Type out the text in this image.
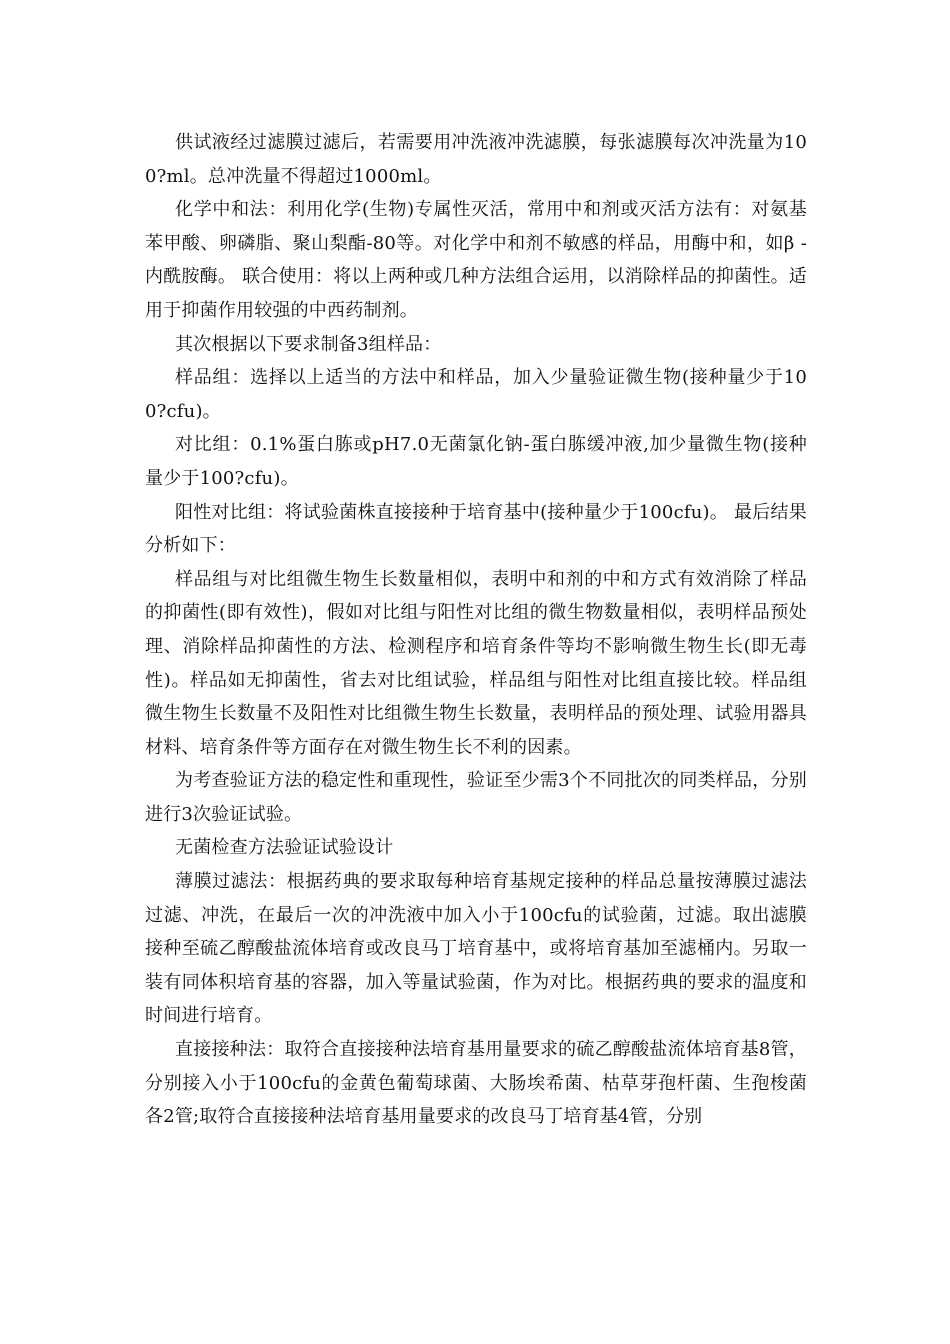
供试液经过滤膜过滤后，若需要用冲洗液冲洗滤膜，每张滤膜每次冲洗量为100?ml。总冲洗量不得超过1000ml。

化学中和法：利用化学(生物)专属性灭活，常用中和剂或灭活方法有：对氨基苯甲酸、卵磷脂、聚山梨酯-80等。对化学中和剂不敏感的样品，用酶中和，如β -内酰胺酶。 联合使用：将以上两种或几种方法组合运用，以消除样品的抑菌性。适用于抑菌作用较强的中西药制剂。

其次根据以下要求制备3组样品：

样品组：选择以上适当的方法中和样品，加入少量验证微生物(接种量少于100?cfu)。

对比组：0.1%蛋白胨或pH7.0无菌氯化钠-蛋白胨缓冲液,加少量微生物(接种量少于100?cfu)。

阳性对比组：将试验菌株直接接种于培育基中(接种量少于100cfu)。 最后结果分析如下：

样品组与对比组微生物生长数量相似，表明中和剂的中和方式有效消除了样品的抑菌性(即有效性)，假如对比组与阳性对比组的微生物数量相似，表明样品预处理、消除样品抑菌性的方法、检测程序和培育条件等均不影响微生物生长(即无毒性)。样品如无抑菌性，省去对比组试验，样品组与阳性对比组直接比较。样品组微生物生长数量不及阳性对比组微生物生长数量，表明样品的预处理、试验用器具材料、培育条件等方面存在对微生物生长不利的因素。

为考查验证方法的稳定性和重现性，验证至少需3个不同批次的同类样品，分别进行3次验证试验。

无菌检查方法验证试验设计

薄膜过滤法：根据药典的要求取每种培育基规定接种的样品总量按薄膜过滤法过滤、冲洗，在最后一次的冲洗液中加入小于100cfu的试验菌，过滤。取出滤膜接种至硫乙醇酸盐流体培育或改良马丁培育基中，或将培育基加至滤桶内。另取一装有同体积培育基的容器，加入等量试验菌，作为对比。根据药典的要求的温度和时间进行培育。

直接接种法：取符合直接接种法培育基用量要求的硫乙醇酸盐流体培育基8管，分别接入小于100cfu的金黄色葡萄球菌、大肠埃希菌、枯草芽孢杆菌、生孢梭菌各2管;取符合直接接种法培育基用量要求的改良马丁培育基4管，分别
